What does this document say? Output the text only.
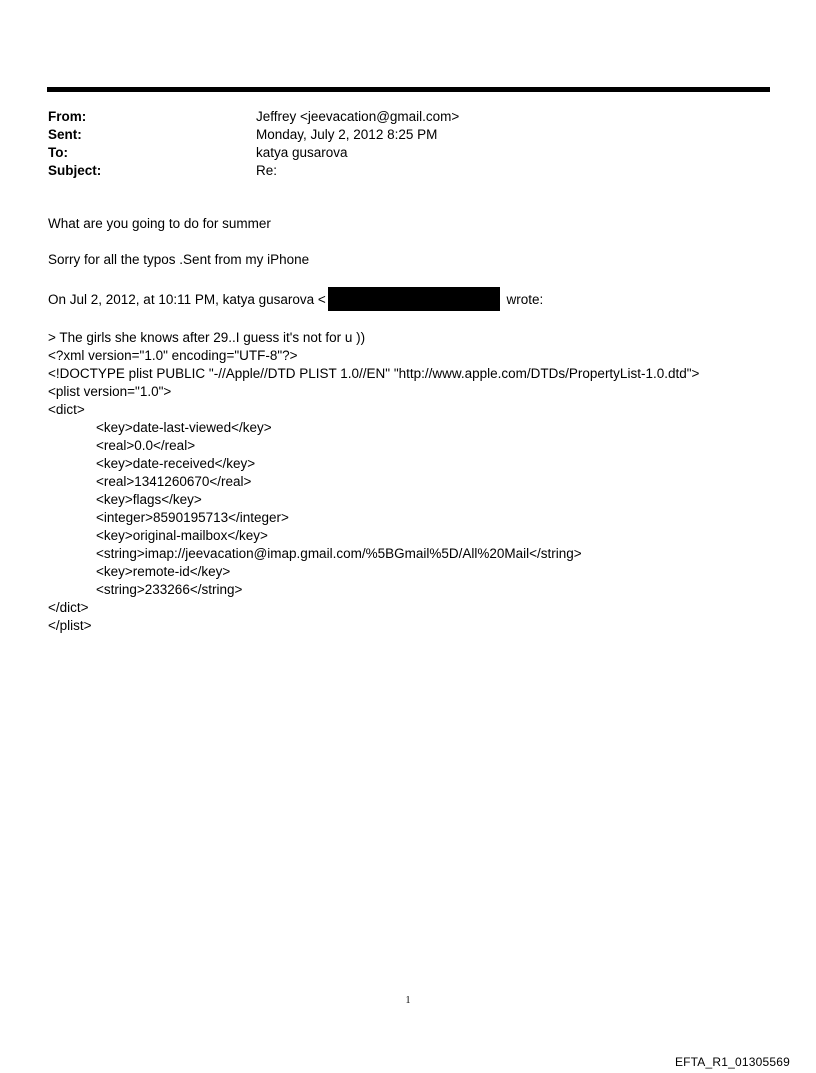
From:	Jeffrey <jeevacation@gmail.com>
Sent:	Monday, July 2, 2012 8:25 PM
To:	katya gusarova
Subject:	Re:
What are you going to do for summer
Sorry for all the typos .Sent from my iPhone
On Jul 2, 2012, at 10:11 PM, katya gusarova <	wrote:
> The girls she knows after 29..I guess it's not for u ))
<?xml version="1.0" encoding="UTF-8"?>
<!DOCTYPE plist PUBLIC "-//Apple//DTD PLIST 1.0//EN" "http://www.apple.com/DTDs/PropertyList-1.0.dtd">
<plist version="1.0">
<dict>
<key>date-last-viewed</key>
<real>0.0</real>
<key>date-received</key>
<real>1341260670</real>
<key>flags</key>
<integer>8590195713</integer>
<key>original-mailbox</key>
<string>imap://jeevacation@imap.gmail.com/%5BGmail%5D/All%20Mail</string>
<key>remote-id</key>
<string>233266</string>
</dict>
</plist>
1
EFTA_R1_01305569
